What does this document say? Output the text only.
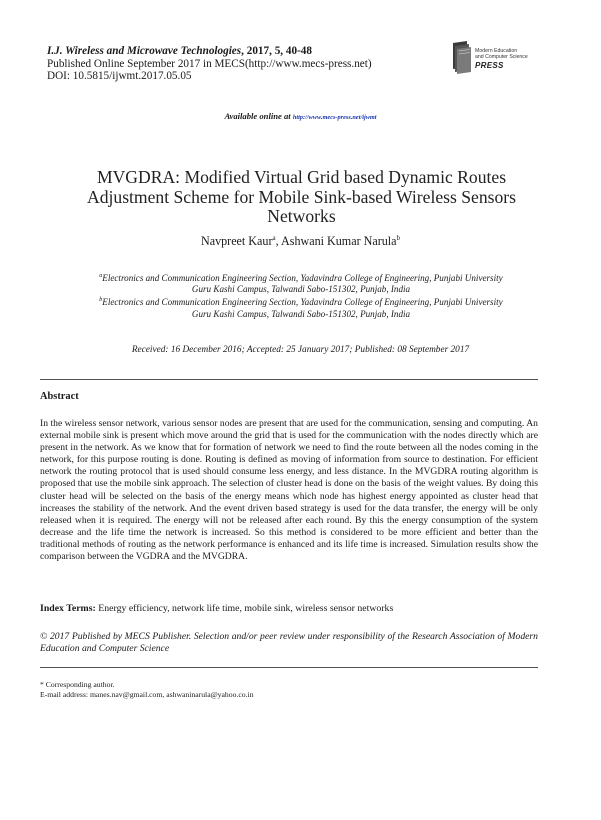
I.J. Wireless and Microwave Technologies, 2017, 5, 40-48
Published Online September 2017 in MECS(http://www.mecs-press.net)
DOI: 10.5815/ijwmt.2017.05.05
Modern Education
and Computer Science
PRESS
Available online at http://www.mecs-press.net/ijwmt
MVGDRA: Modified Virtual Grid based Dynamic Routes Adjustment Scheme for Mobile Sink-based Wireless Sensors Networks
Navpreet Kaur$^a$, Ashwani Kumar Narula$^b$
$^a$Electronics and Communication Engineering Section, Yadavindra College of Engineering, Punjabi University
Guru Kashi Campus, Talwandi Sabo-151302, Punjab, India
$^b$Electronics and Communication Engineering Section, Yadavindra College of Engineering, Punjabi University
Guru Kashi Campus, Talwandi Sabo-151302, Punjab, India
Received: 16 December 2016; Accepted: 25 January 2017; Published: 08 September 2017
Abstract
In the wireless sensor network, various sensor nodes are present that are used for the communication, sensing and computing. An external mobile sink is present which move around the grid that is used for the communication with the nodes directly which are present in the network. As we know that for formation of network we need to find the route between all the nodes coming in the network, for this purpose routing is done. Routing is defined as moving of information from source to destination. For efficient network the routing protocol that is used should consume less energy, and less distance. In the MVGDRA routing algorithm is proposed that use the mobile sink approach. The selection of cluster head is done on the basis of the weight values. By doing this cluster head will be selected on the basis of the energy means which node has highest energy appointed as cluster head that increases the stability of the network. And the event driven based strategy is used for the data transfer, the energy will be only released when it is required. The energy will not be released after each round. By this the energy consumption of the system decrease and the life time the network is increased. So this method is considered to be more efficient and better than the traditional methods of routing as the network performance is enhanced and its life time is increased. Simulation results show the comparison between the VGDRA and the MVGDRA.
Index Terms: Energy efficiency, network life time, mobile sink, wireless sensor networks
© 2017 Published by MECS Publisher. Selection and/or peer review under responsibility of the Research Association of Modern Education and Computer Science
* Corresponding author.
E-mail address: manes.nav@gmail.com, ashwaninarula@yahoo.co.in
